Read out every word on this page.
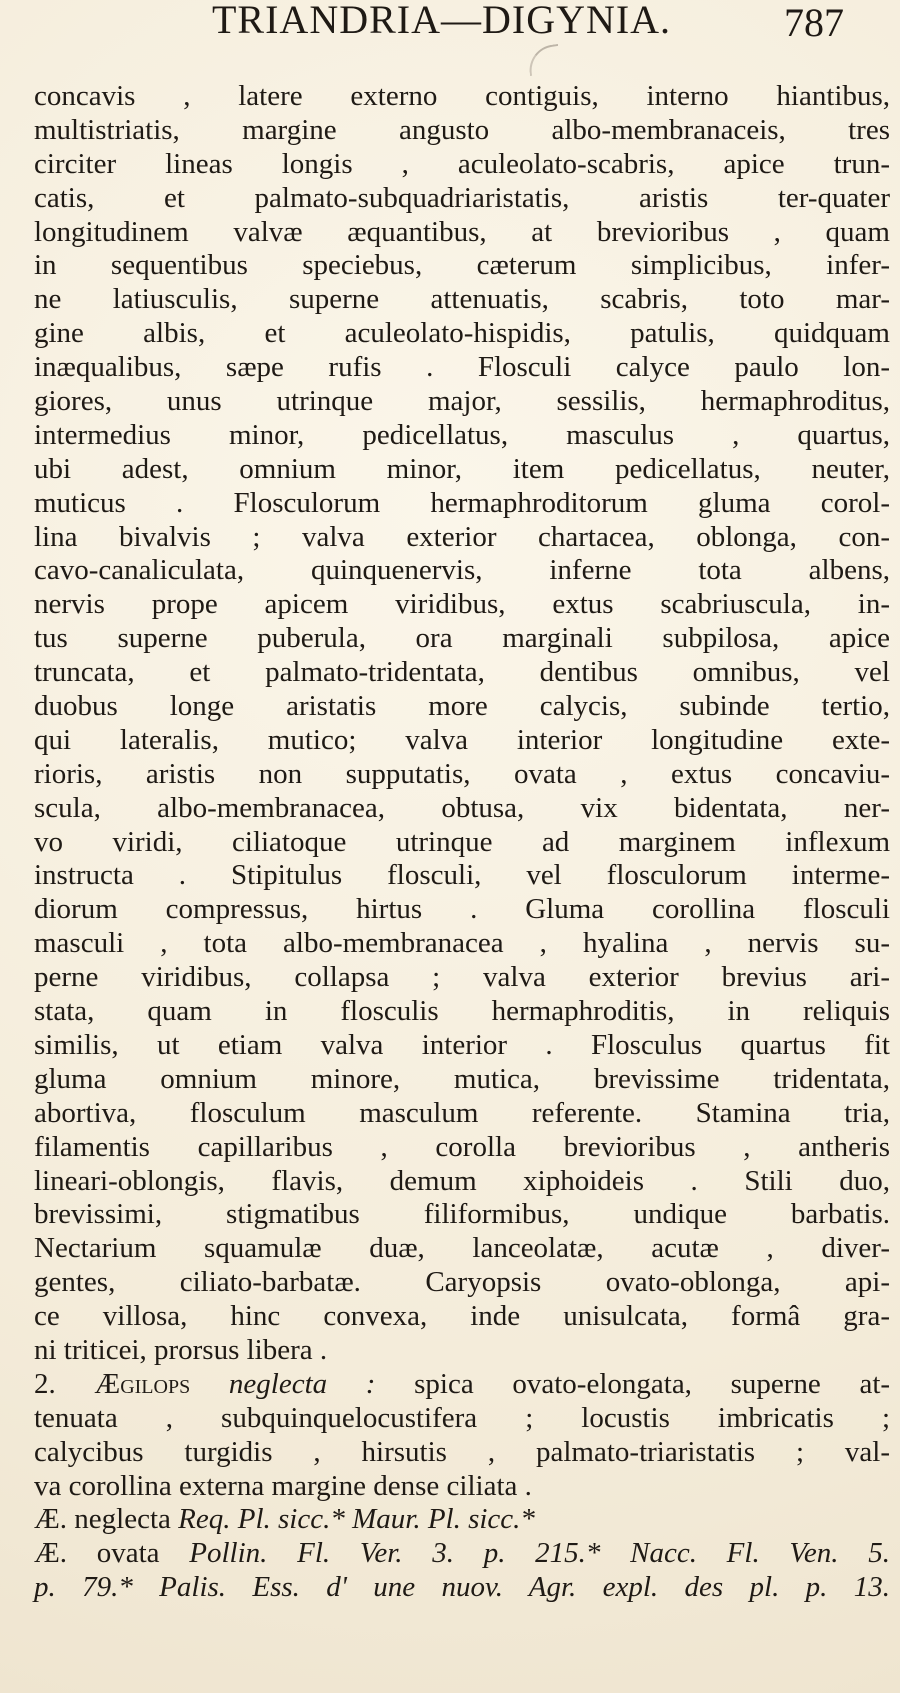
TRIANDRIA—DIGYNIA.	787
concavis , latere externo contiguis, interno hiantibus,
multistriatis, margine angusto albo-membranaceis, tres
circiter lineas longis , aculeolato-scabris, apice trun-
catis, et palmato-subquadriaristatis, aristis ter-quater
longitudinem valvæ æquantibus, at brevioribus , quam
in sequentibus speciebus, cæterum simplicibus, infer-
ne latiusculis, superne attenuatis, scabris, toto mar-
gine albis, et aculeolato-hispidis, patulis, quidquam
inæqualibus, sæpe rufis . Flosculi calyce paulo lon-
giores, unus utrinque major, sessilis, hermaphroditus,
intermedius minor, pedicellatus, masculus , quartus,
ubi adest, omnium minor, item pedicellatus, neuter,
muticus . Flosculorum hermaphroditorum gluma corol-
lina bivalvis ; valva exterior chartacea, oblonga, con-
cavo-canaliculata, quinquenervis, inferne tota albens,
nervis prope apicem viridibus, extus scabriuscula, in-
tus superne puberula, ora marginali subpilosa, apice
truncata, et palmato-tridentata, dentibus omnibus, vel
duobus longe aristatis more calycis, subinde tertio,
qui lateralis, mutico; valva interior longitudine exte-
rioris, aristis non supputatis, ovata , extus concaviu-
scula, albo-membranacea, obtusa, vix bidentata, ner-
vo viridi, ciliatoque utrinque ad marginem inflexum
instructa . Stipitulus flosculi, vel flosculorum interme-
diorum compressus, hirtus . Gluma corollina flosculi
masculi , tota albo-membranacea , hyalina , nervis su-
perne viridibus, collapsa ; valva exterior brevius ari-
stata, quam in flosculis hermaphroditis, in reliquis
similis, ut etiam valva interior . Flosculus quartus fit
gluma omnium minore, mutica, brevissime tridentata,
abortiva, flosculum masculum referente. Stamina tria,
filamentis capillaribus , corolla brevioribus , antheris
lineari-oblongis, flavis, demum xiphoideis . Stili duo,
brevissimi, stigmatibus filiformibus, undique barbatis.
Nectarium squamulæ duæ, lanceolatæ, acutæ , diver-
gentes, ciliato-barbatæ. Caryopsis ovato-oblonga, api-
ce villosa, hinc convexa, inde unisulcata, formâ gra-
ni triticei, prorsus libera .
2. Ægilops neglecta : spica ovato-elongata, superne at-
tenuata , subquinquelocustifera ; locustis imbricatis ;
calycibus turgidis , hirsutis , palmato-triaristatis ; val-
va corollina externa margine dense ciliata .
Æ. neglecta Req. Pl. sicc.* Maur. Pl. sicc.*
Æ. ovata Pollin. Fl. Ver. 3. p. 215.* Nacc. Fl. Ven. 5.
p. 79.* Palis. Ess. d' une nuov. Agr. expl. des pl. p. 13.
